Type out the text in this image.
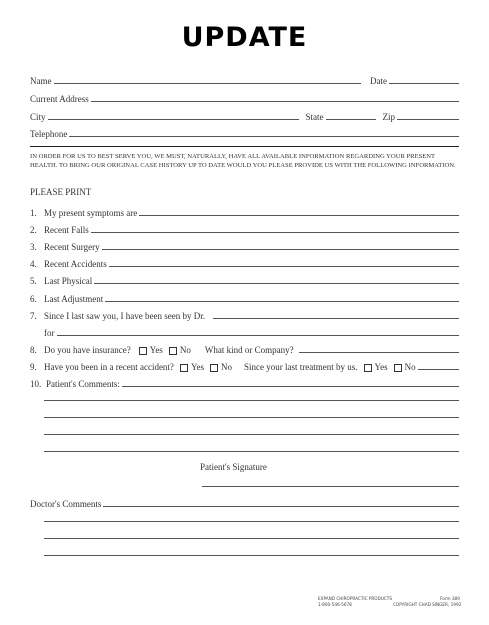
UPDATE
Name	Date
Current Address
City	State	Zip
Telephone
IN ORDER FOR US TO BEST SERVE YOU, WE MUST, NATURALLY, HAVE ALL AVAILABLE INFORMATION REGARDING YOUR PRESENT HEALTH. TO BRING OUR ORIGINAL CASE HISTORY UP TO DATE WOULD YOU PLEASE PROVIDE US WITH THE FOLLOWING INFORMATION.
PLEASE PRINT
1. My present symptoms are
2. Recent Falls
3. Recent Surgery
4. Recent Accidents
5. Last Physical
6. Last Adjustment
7. Since I last saw you, I have been seen by Dr.
for
8. Do you have insurance? Yes No What kind or Company?
9. Have you been in a recent accident? Yes No Since your last treatment by us. Yes No
10. Patient's Comments:
Patient's Signature
Doctor's Comments
EXPAND CHIROPRACTIC PRODUCTS	Form 389
1-800-546-5678	COPYRIGHT CHAD SINGER, 1992
